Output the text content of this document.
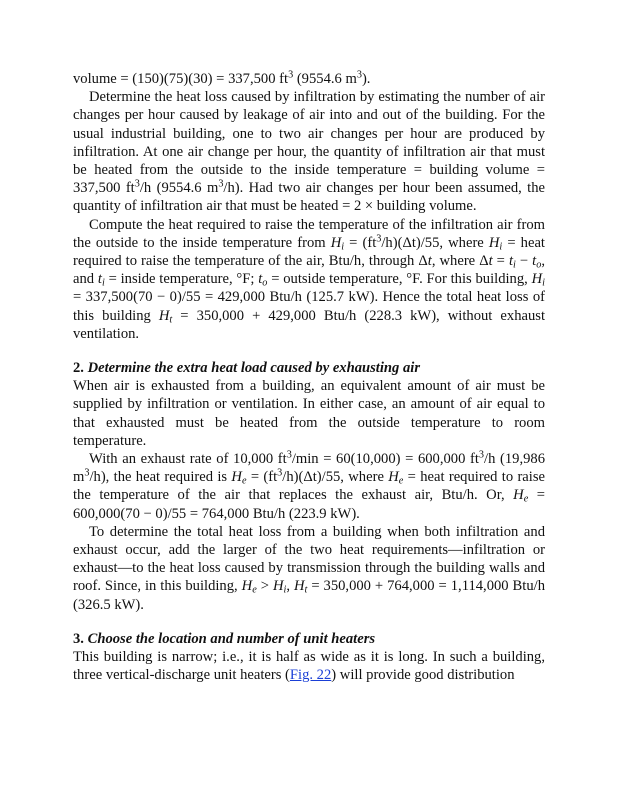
volume = (150)(75)(30) = 337,500 $ft^3$ (9554.6 $m^3$).

Determine the heat loss caused by infiltration by estimating the number of air changes per hour caused by leakage of air into and out of the building. For the usual industrial building, one to two air changes per hour are produced by infiltration. At one air change per hour, the quantity of infiltration air that must be heated from the outside to the inside temperature = building volume = 337,500 $ft^3/h$ (9554.6 $m^3/h$). Had two air changes per hour been assumed, the quantity of infiltration air that must be heated = 2 × building volume.

Compute the heat required to raise the temperature of the infiltration air from the outside to the inside temperature from $H_i = (ft^3/h)(\Delta t)/55$, where $H_i$ = heat required to raise the temperature of the air, Btu/h, through Δt, where $\Delta t = t_i - t_o$, and $t_i$ = inside temperature, °F; $t_o$ = outside temperature, °F. For this building, $H_i = 337,500(70 - 0)/55 = 429,000$ Btu/h (125.7 kW). Hence the total heat loss of this building $H_t = 350,000 + 429,000$ Btu/h (228.3 kW), without exhaust ventilation.

2. Determine the extra heat load caused by exhausting air

When air is exhausted from a building, an equivalent amount of air must be supplied by infiltration or ventilation. In either case, an amount of air equal to that exhausted must be heated from the outside temperature to room temperature.

With an exhaust rate of 10,000 $ft^3/\min = 60(10,000) = 600,000$ $ft^3/h$ (19,986 $m^3/h$), the heat required is $H_e = (ft^3/h)(\Delta t)/55$, where $H_e$ = heat required to raise the temperature of the air that replaces the exhaust air, Btu/h. Or, $H_e = 600,000(70 - 0)/55 = 764,000$ Btu/h (223.9 kW).

To determine the total heat loss from a building when both infiltration and exhaust occur, add the larger of the two heat requirements—infiltration or exhaust—to the heat loss caused by transmission through the building walls and roof. Since, in this building, $H_e > H_i$, $H_t = 350,000 + 764,000 = 1,114,000$ Btu/h (326.5 kW).

3. Choose the location and number of unit heaters

This building is narrow; i.e., it is half as wide as it is long. In such a building, three vertical-discharge unit heaters (Fig. 22) will provide good distribution
